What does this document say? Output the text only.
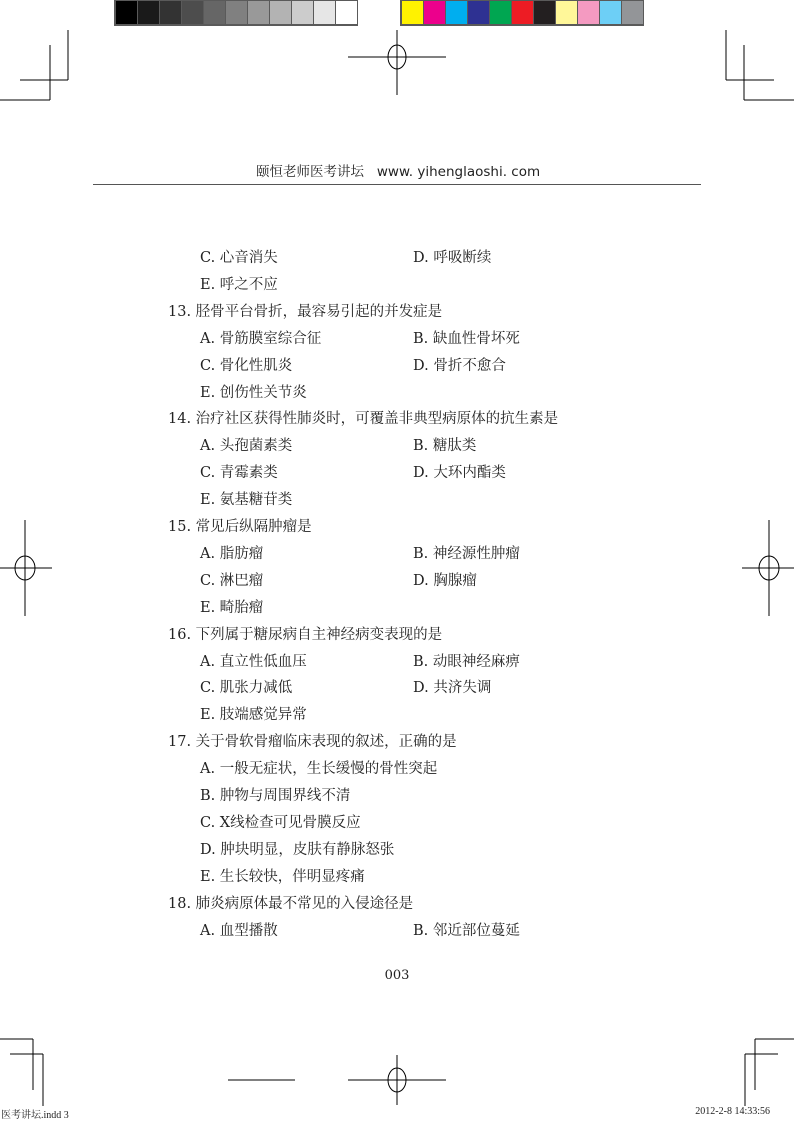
颐恒老师医考讲坛 www. yihenglaoshi. com
C. 心音消失	D. 呼吸断续
E. 呼之不应
13. 胫骨平台骨折，最容易引起的并发症是
A. 骨筋膜室综合征	B. 缺血性骨坏死
C. 骨化性肌炎	D. 骨折不愈合
E. 创伤性关节炎
14. 治疗社区获得性肺炎时，可覆盖非典型病原体的抗生素是
A. 头孢菌素类	B. 糖肽类
C. 青霉素类	D. 大环内酯类
E. 氨基糖苷类
15. 常见后纵隔肿瘤是
A. 脂肪瘤	B. 神经源性肿瘤
C. 淋巴瘤	D. 胸腺瘤
E. 畸胎瘤
16. 下列属于糖尿病自主神经病变表现的是
A. 直立性低血压	B. 动眼神经麻痹
C. 肌张力减低	D. 共济失调
E. 肢端感觉异常
17. 关于骨软骨瘤临床表现的叙述，正确的是
A. 一般无症状，生长缓慢的骨性突起
B. 肿物与周围界线不清
C. X线检查可见骨膜反应
D. 肿块明显，皮肤有静脉怒张
E. 生长较快，伴明显疼痛
18. 肺炎病原体最不常见的入侵途径是
A. 血型播散	B. 邻近部位蔓延
003
医考讲坛.indd 3	2012-2-8 14:33:56
